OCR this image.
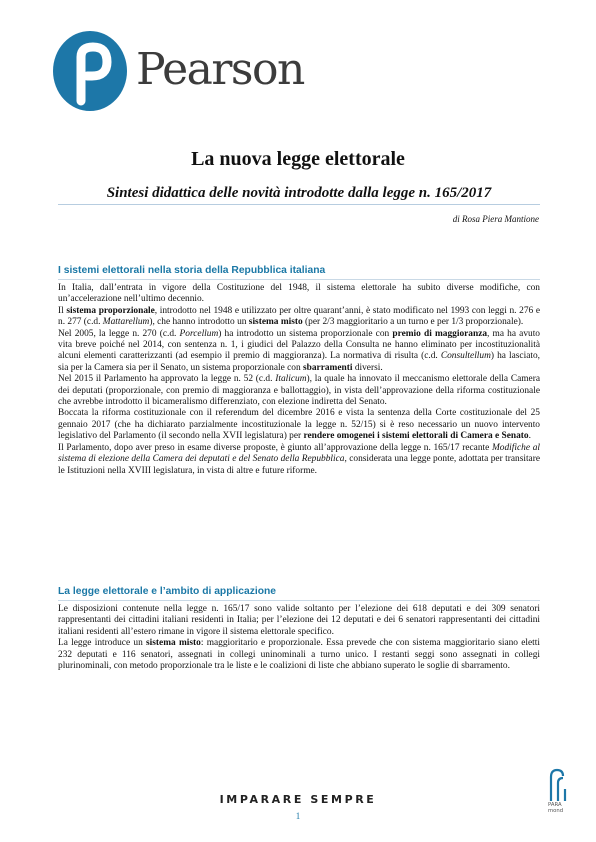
Pearson
La nuova legge elettorale
Sintesi didattica delle novità introdotte dalla legge n. 165/2017
di Rosa Piera Mantione
I sistemi elettorali nella storia della Repubblica italiana

In Italia, dall’entrata in vigore della Costituzione del 1948, il sistema elettorale ha subito diverse modifiche, con un’accelerazione nell’ultimo decennio.

Il sistema proporzionale, introdotto nel 1948 e utilizzato per oltre quarant’anni, è stato modificato nel 1993 con leggi n. 276 e n. 277 (c.d. Mattarellum), che hanno introdotto un sistema misto (per 2/3 maggioritario a un turno e per 1/3 proporzionale).

Nel 2005, la legge n. 270 (c.d. Porcellum) ha introdotto un sistema proporzionale con premio di maggioranza, ma ha avuto vita breve poiché nel 2014, con sentenza n. 1, i giudici del Palazzo della Consulta ne hanno eliminato per incostituzionalità alcuni elementi caratterizzanti (ad esempio il premio di maggioranza). La normativa di risulta (c.d. Consultellum) ha lasciato, sia per la Camera sia per il Senato, un sistema proporzionale con sbarramenti diversi.

Nel 2015 il Parlamento ha approvato la legge n. 52 (c.d. Italicum), la quale ha innovato il meccanismo elettorale della Camera dei deputati (proporzionale, con premio di maggioranza e ballottaggio), in vista dell’approvazione della riforma costituzionale che avrebbe introdotto il bicameralismo differenziato, con elezione indiretta del Senato.

Boccata la riforma costituzionale con il referendum del dicembre 2016 e vista la sentenza della Corte costituzionale del 25 gennaio 2017 (che ha dichiarato parzialmente incostituzionale la legge n. 52/15) si è reso necessario un nuovo intervento legislativo del Parlamento (il secondo nella XVII legislatura) per rendere omogenei i sistemi elettorali di Camera e Senato.

Il Parlamento, dopo aver preso in esame diverse proposte, è giunto all’approvazione della legge n. 165/17 recante Modifiche al sistema di elezione della Camera dei deputati e del Senato della Repubblica, considerata una legge ponte, adottata per transitare le Istituzioni nella XVIII legislatura, in vista di altre e future riforme.

La legge elettorale e l’ambito di applicazione

Le disposizioni contenute nella legge n. 165/17 sono valide soltanto per l’elezione dei 618 deputati e dei 309 senatori rappresentanti dei cittadini italiani residenti in Italia; per l’elezione dei 12 deputati e dei 6 senatori rappresentanti dei cittadini italiani residenti all’estero rimane in vigore il sistema elettorale specifico.

La legge introduce un sistema misto: maggioritario e proporzionale. Essa prevede che con sistema maggioritario siano eletti 232 deputati e 116 senatori, assegnati in collegi uninominali a turno unico. I restanti seggi sono assegnati in collegi plurinominali, con metodo proporzionale tra le liste e le coalizioni di liste che abbiano superato le soglie di sbarramento.

IMPARARE SEMPRE
1
PARA
mond
